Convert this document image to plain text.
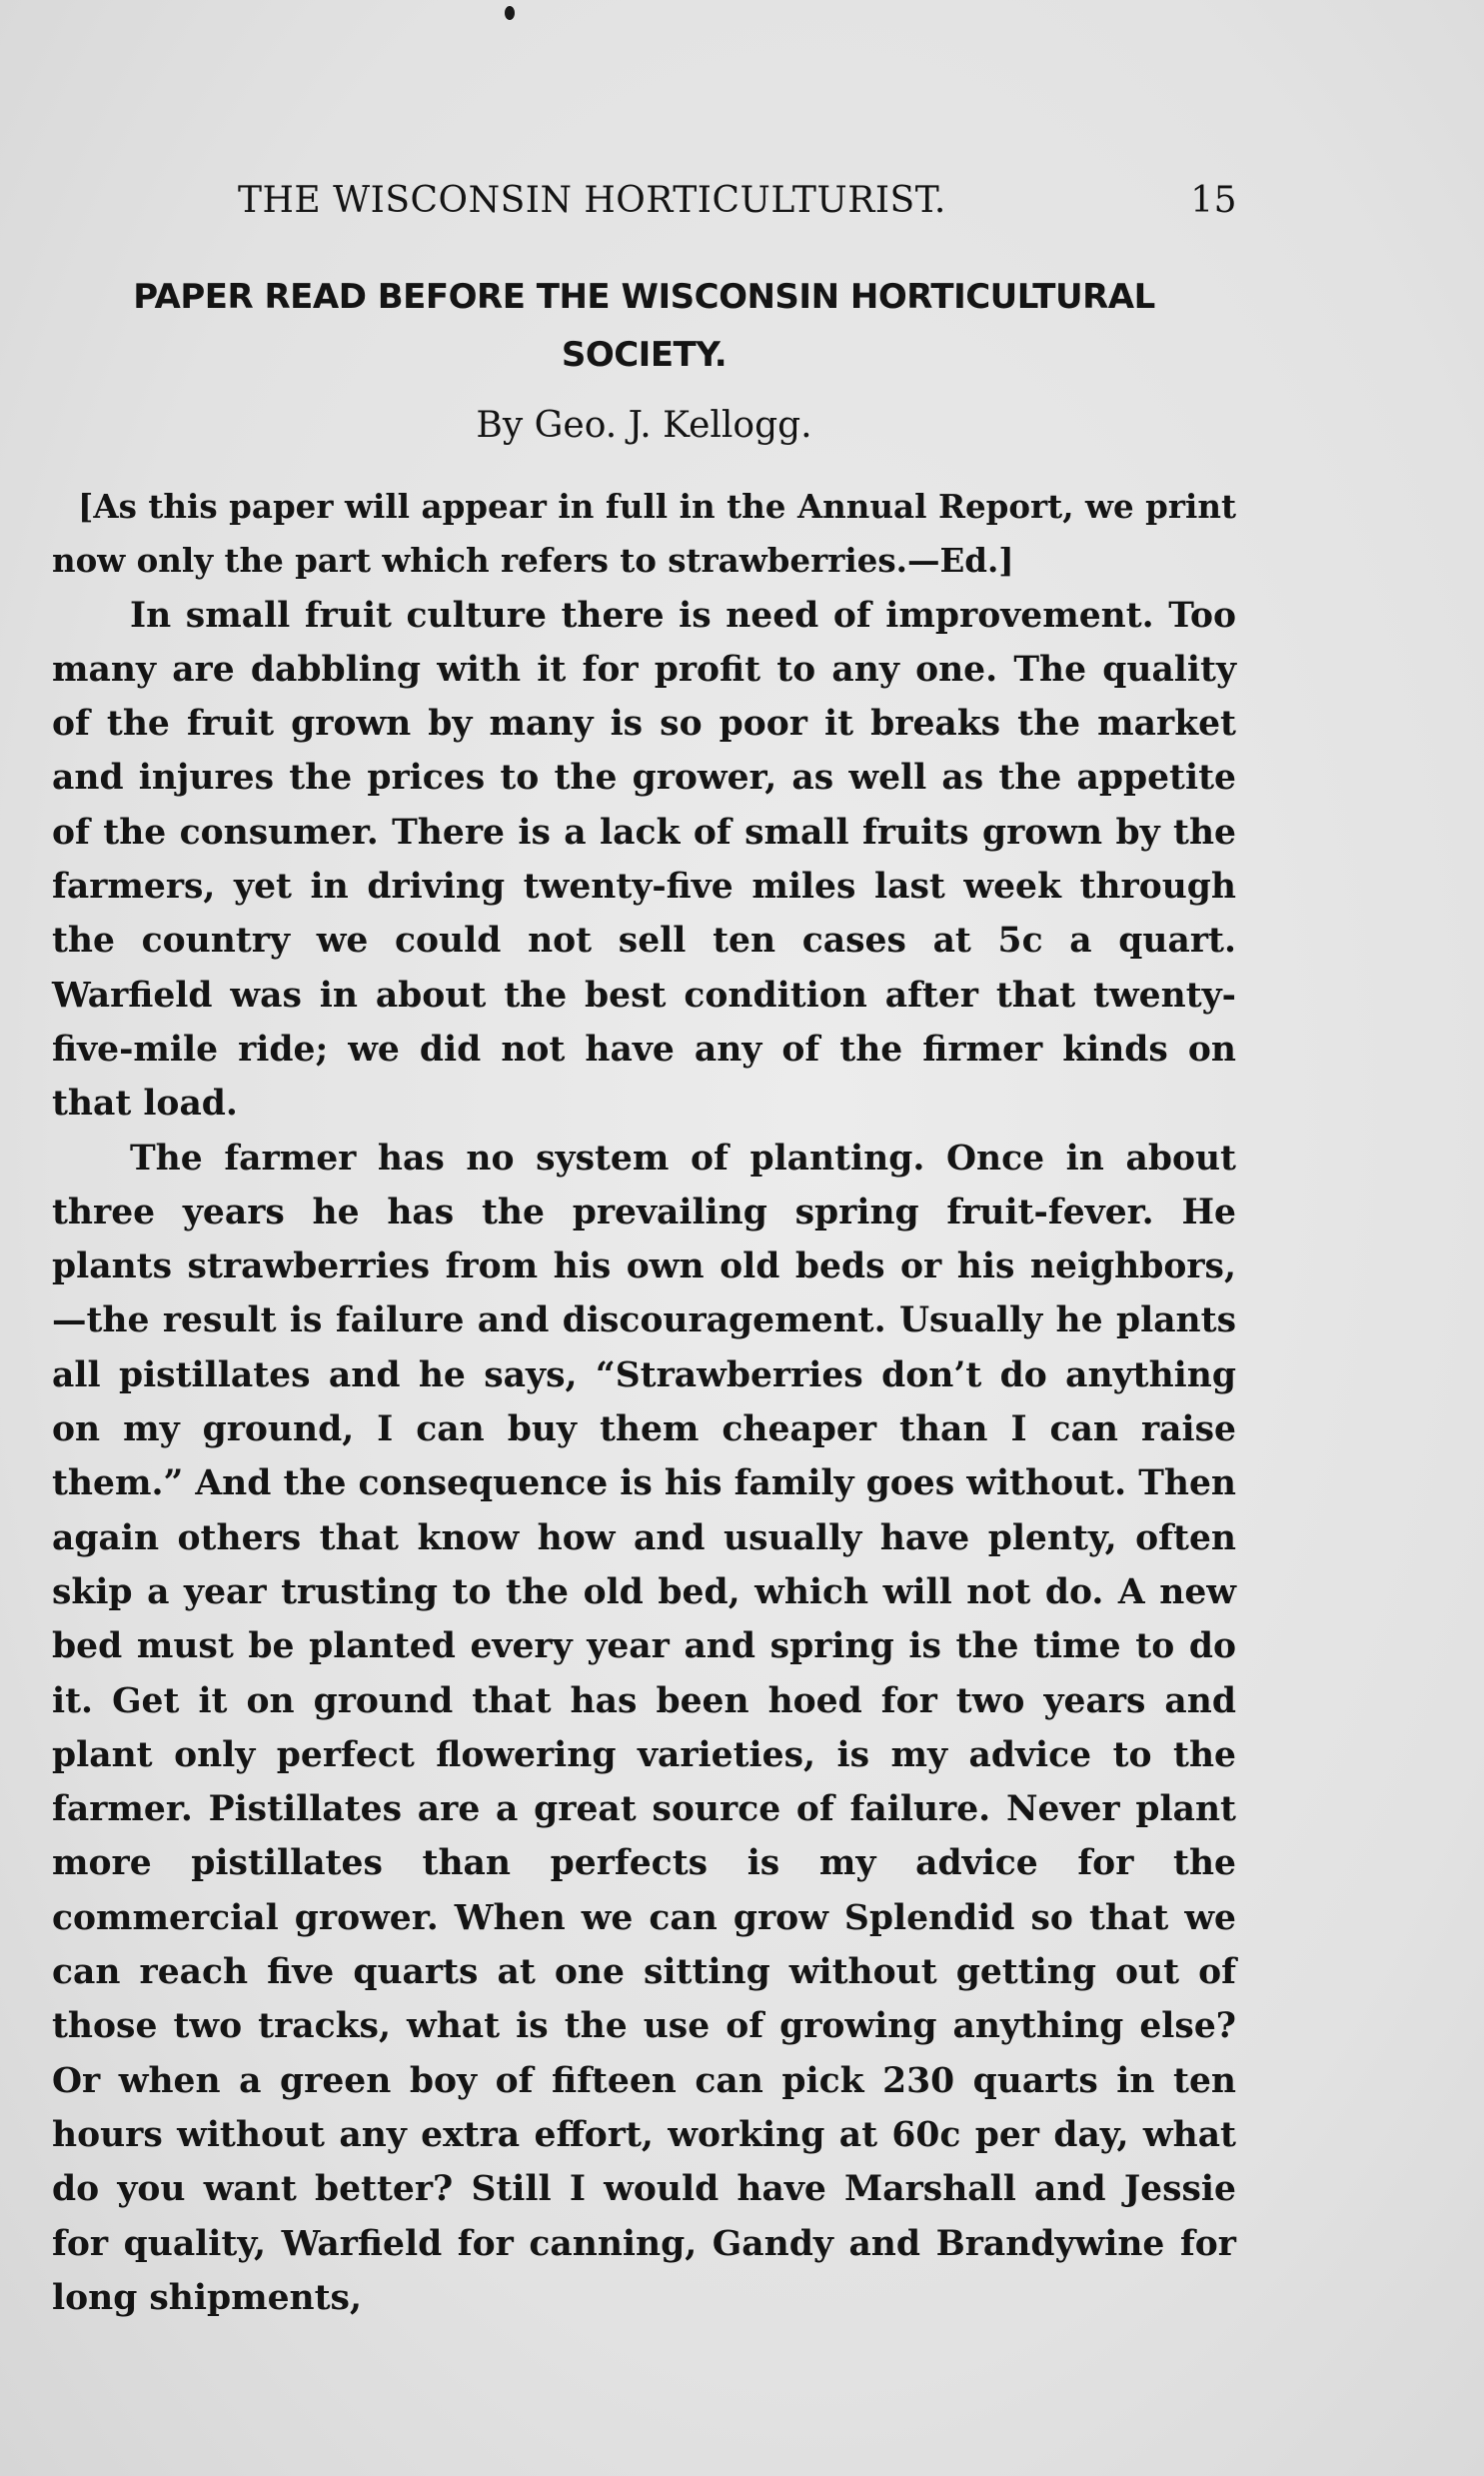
THE WISCONSIN HORTICULTURIST.	15
PAPER READ BEFORE THE WISCONSIN HORTICULTURAL SOCIETY.
By Geo. J. Kellogg.

[As this paper will appear in full in the Annual Report, we print now only the part which refers to strawberries.—Ed.]

In small fruit culture there is need of improvement. Too many are dabbling with it for profit to any one. The quality of the fruit grown by many is so poor it breaks the market and injures the prices to the grower, as well as the appetite of the consumer. There is a lack of small fruits grown by the farmers, yet in driving twenty-five miles last week through the country we could not sell ten cases at 5c a quart. Warfield was in about the best condition after that twenty-five-mile ride; we did not have any of the firmer kinds on that load.

The farmer has no system of planting. Once in about three years he has the prevailing spring fruit-fever. He plants strawberries from his own old beds or his neighbors, —the result is failure and discouragement. Usually he plants all pistillates and he says, “Strawberries don’t do anything on my ground, I can buy them cheaper than I can raise them.” And the consequence is his family goes without. Then again others that know how and usually have plenty, often skip a year trusting to the old bed, which will not do. A new bed must be planted every year and spring is the time to do it. Get it on ground that has been hoed for two years and plant only perfect flowering varieties, is my advice to the farmer. Pistillates are a great source of failure. Never plant more pistillates than perfects is my advice for the commercial grower. When we can grow Splendid so that we can reach five quarts at one sitting without getting out of those two tracks, what is the use of growing anything else? Or when a green boy of fifteen can pick 230 quarts in ten hours without any extra effort, working at 60c per day, what do you want better? Still I would have Marshall and Jessie for quality, Warfield for canning, Gandy and Brandywine for long shipments,
